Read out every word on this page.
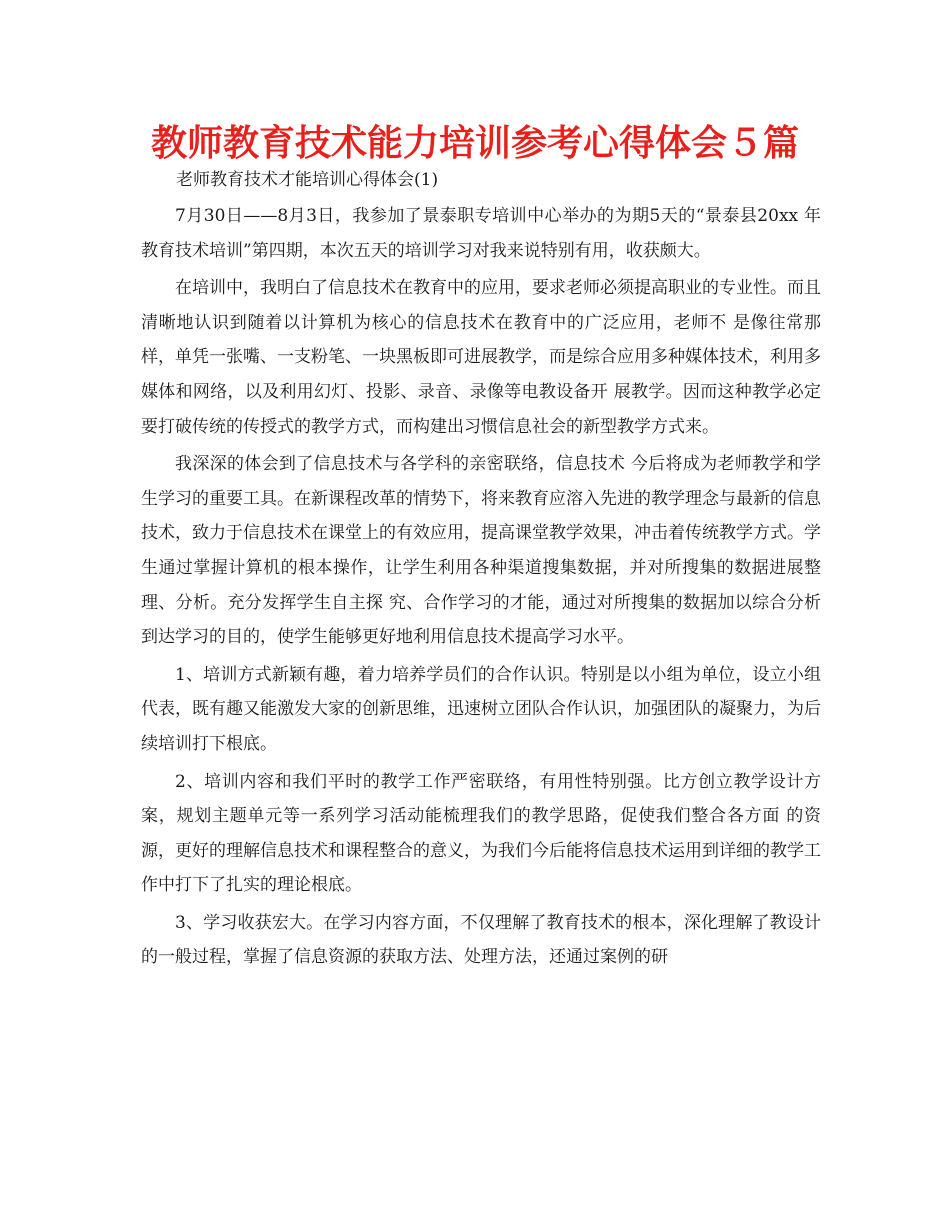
教师教育技术能力培训参考心得体会５篇
老师教育技术才能培训心得体会(1)

7月30日——8月3日，我参加了景泰职专培训中心举办的为期5天的“景泰县20xx 年教育技术培训”第四期，本次五天的培训学习对我来说特别有用，收获颇大。

在培训中，我明白了信息技术在教育中的应用，要求老师必须提高职业的专业性。而且清晰地认识到随着以计算机为核心的信息技术在教育中的广泛应用，老师不 是像往常那样，单凭一张嘴、一支粉笔、一块黑板即可进展教学，而是综合应用多种媒体技术，利用多媒体和网络，以及利用幻灯、投影、录音、录像等电教设备开 展教学。因而这种教学必定要打破传统的传授式的教学方式，而构建出习惯信息社会的新型教学方式来。

我深深的体会到了信息技术与各学科的亲密联络，信息技术 今后将成为老师教学和学生学习的重要工具。在新课程改革的情势下，将来教育应溶入先进的教学理念与最新的信息技术，致力于信息技术在课堂上的有效应用，提高课堂教学效果，冲击着传统教学方式。学生通过掌握计算机的根本操作，让学生利用各种渠道搜集数据，并对所搜集的数据进展整理、分析。充分发挥学生自主探 究、合作学习的才能，通过对所搜集的数据加以综合分析到达学习的目的，使学生能够更好地利用信息技术提高学习水平。

1、培训方式新颖有趣，着力培养学员们的合作认识。特别是以小组为单位，设立小组代表，既有趣又能激发大家的创新思维，迅速树立团队合作认识，加强团队的凝聚力，为后续培训打下根底。

2、培训内容和我们平时的教学工作严密联络，有用性特别强。比方创立教学设计方案，规划主题单元等一系列学习活动能梳理我们的教学思路，促使我们整合各方面 的资源，更好的理解信息技术和课程整合的意义，为我们今后能将信息技术运用到详细的教学工作中打下了扎实的理论根底。

3、学习收获宏大。在学习内容方面，不仅理解了教育技术的根本，深化理解了教设计的一般过程，掌握了信息资源的获取方法、处理方法，还通过案例的研
